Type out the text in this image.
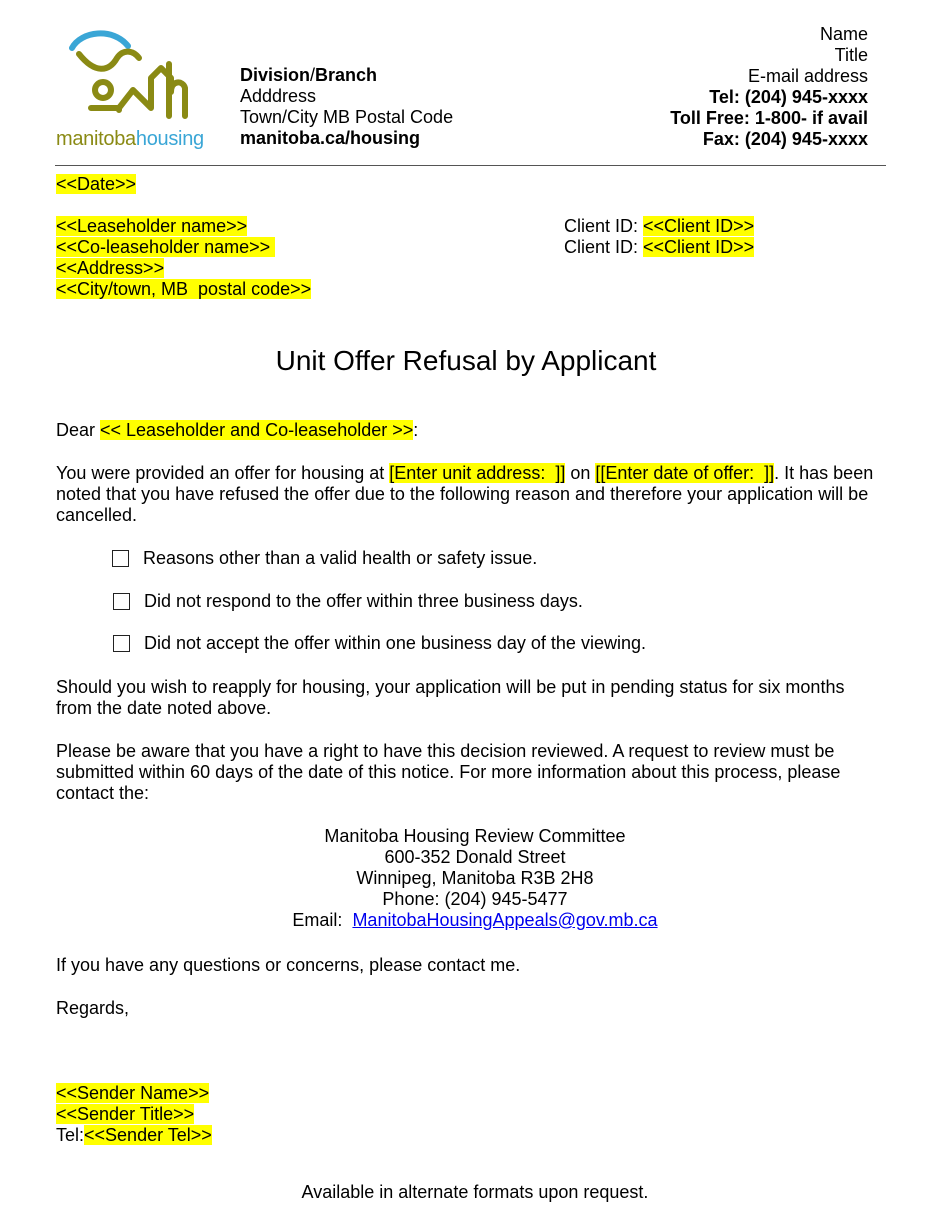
manitobahousing
Division/Branch
Adddress
Town/City MB Postal Code
manitoba.ca/housing
Name
Title
E-mail address
Tel: (204) 945-xxxx
Toll Free: 1-800- if avail
Fax: (204) 945-xxxx
<<Date>>
<<Leaseholder name>>
<<Co-leaseholder name>>
<<Address>>
<<City/town, MB  postal code>>
Client ID: <<Client ID>>
Client ID: <<Client ID>>
Unit Offer Refusal by Applicant
Dear << Leaseholder and Co-leaseholder >>:
You were provided an offer for housing at [Enter unit address:  ]] on [[Enter date of offer:  ]]. It has been
noted that you have refused the offer due to the following reason and therefore your application will be
cancelled.
Reasons other than a valid health or safety issue.
Did not respond to the offer within three business days.
Did not accept the offer within one business day of the viewing.
Should you wish to reapply for housing, your application will be put in pending status for six months
from the date noted above.
Please be aware that you have a right to have this decision reviewed. A request to review must be
submitted within 60 days of the date of this notice. For more information about this process, please
contact the:
Manitoba Housing Review Committee
600-352 Donald Street
Winnipeg, Manitoba R3B 2H8
Phone: (204) 945-5477
Email:  ManitobaHousingAppeals@gov.mb.ca
If you have any questions or concerns, please contact me.
Regards,
<<Sender Name>>
<<Sender Title>>
Tel:<<Sender Tel>>
Available in alternate formats upon request.
